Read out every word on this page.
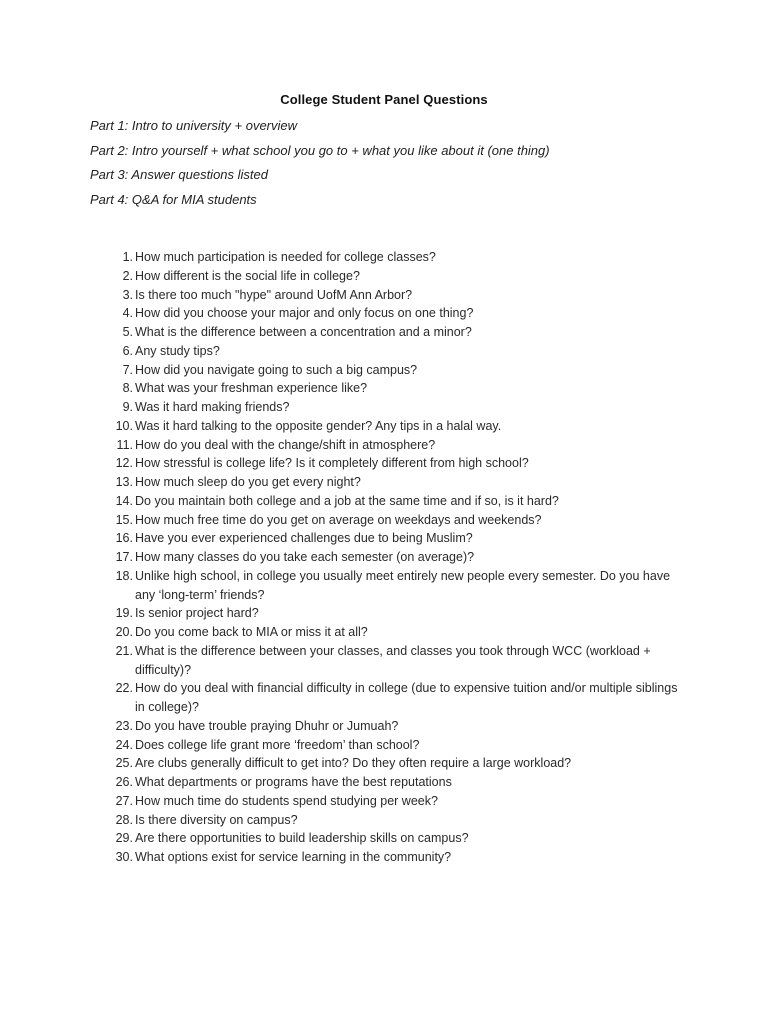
College Student Panel Questions
Part 1: Intro to university + overview
Part 2: Intro yourself + what school you go to + what you like about it (one thing)
Part 3: Answer questions listed
Part 4: Q&A for MIA students
1. How much participation is needed for college classes?
2. How different is the social life in college?
3. Is there too much "hype" around UofM Ann Arbor?
4. How did you choose your major and only focus on one thing?
5. What is the difference between a concentration and a minor?
6. Any study tips?
7. How did you navigate going to such a big campus?
8. What was your freshman experience like?
9. Was it hard making friends?
10. Was it hard talking to the opposite gender? Any tips in a halal way.
11. How do you deal with the change/shift in atmosphere?
12. How stressful is college life? Is it completely different from high school?
13. How much sleep do you get every night?
14. Do you maintain both college and a job at the same time and if so, is it hard?
15. How much free time do you get on average on weekdays and weekends?
16. Have you ever experienced challenges due to being Muslim?
17. How many classes do you take each semester (on average)?
18. Unlike high school, in college you usually meet entirely new people every semester. Do you have any ‘long-term’ friends?
19. Is senior project hard?
20. Do you come back to MIA or miss it at all?
21. What is the difference between your classes, and classes you took through WCC (workload + difficulty)?
22. How do you deal with financial difficulty in college (due to expensive tuition and/or multiple siblings in college)?
23. Do you have trouble praying Dhuhr or Jumuah?
24. Does college life grant more ‘freedom’ than school?
25. Are clubs generally difficult to get into? Do they often require a large workload?
26. What departments or programs have the best reputations
27. How much time do students spend studying per week?
28. Is there diversity on campus?
29. Are there opportunities to build leadership skills on campus?
30. What options exist for service learning in the community?
